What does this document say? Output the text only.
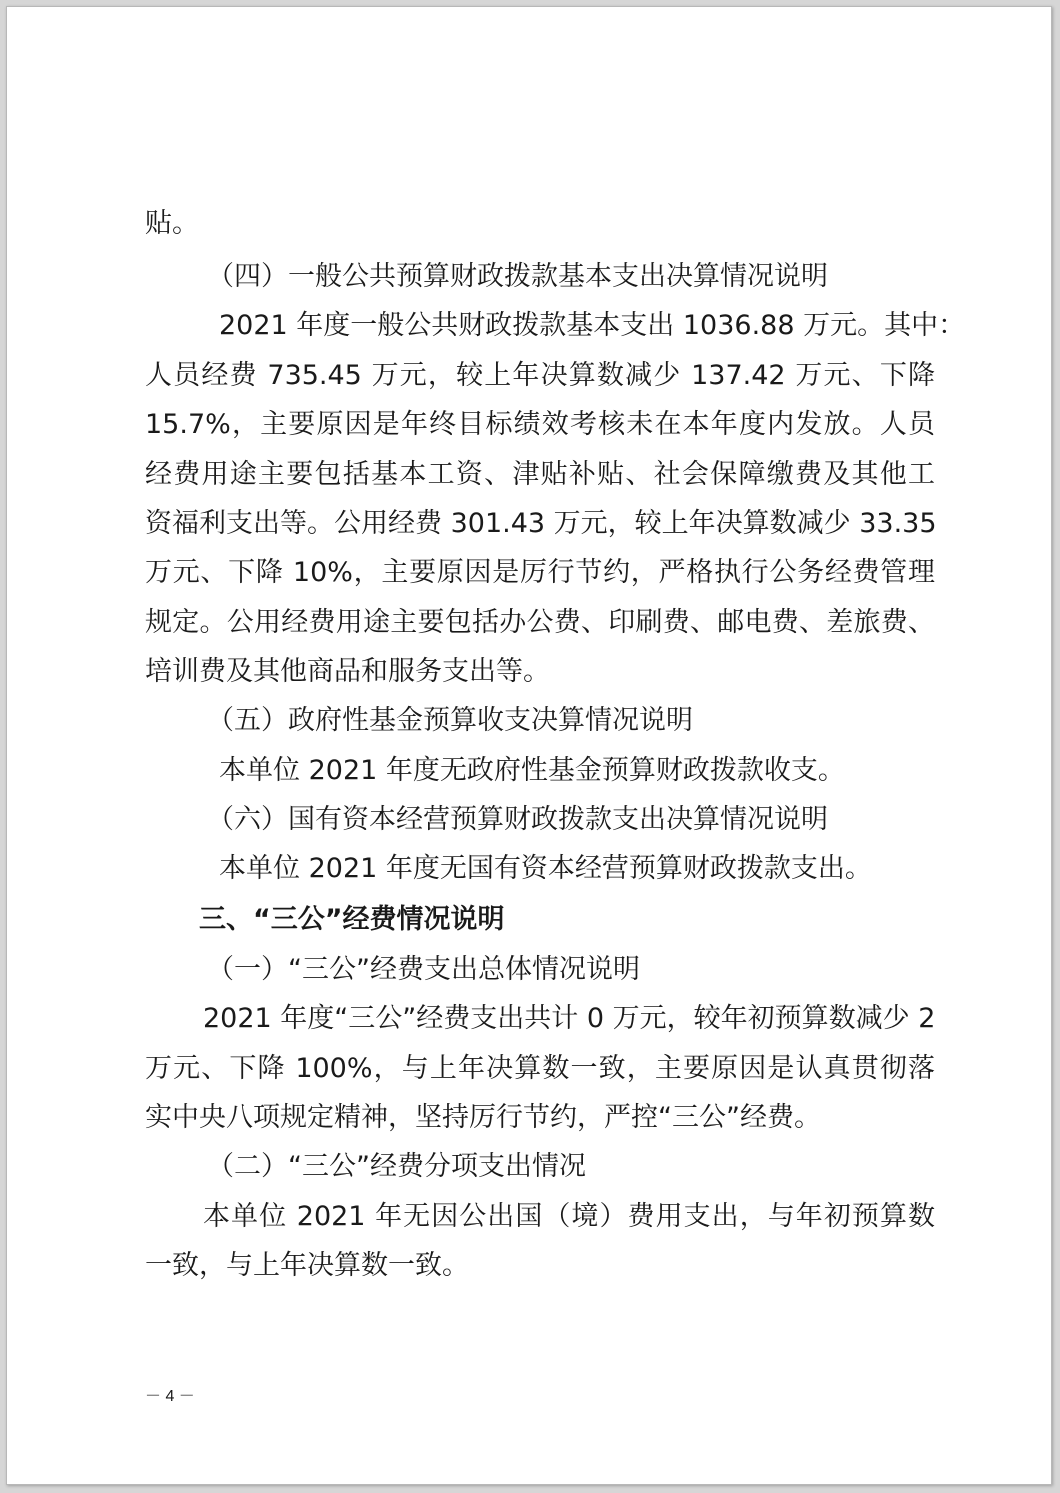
贴。
（四）一般公共预算财政拨款基本支出决算情况说明
2021 年度一般公共财政拨款基本支出 1036.88 万元。其中：
人员经费 735.45 万元，较上年决算数减少 137.42 万元、下降
15.7%，主要原因是年终目标绩效考核未在本年度内发放。人员
经费用途主要包括基本工资、津贴补贴、社会保障缴费及其他工
资福利支出等。公用经费 301.43 万元，较上年决算数减少 33.35
万元、下降 10%，主要原因是厉行节约，严格执行公务经费管理
规定。公用经费用途主要包括办公费、印刷费、邮电费、差旅费、
培训费及其他商品和服务支出等。
（五）政府性基金预算收支决算情况说明
本单位 2021 年度无政府性基金预算财政拨款收支。
（六）国有资本经营预算财政拨款支出决算情况说明
本单位 2021 年度无国有资本经营预算财政拨款支出。
三、“三公”经费情况说明
（一）“三公”经费支出总体情况说明
2021 年度“三公”经费支出共计 0 万元，较年初预算数减少 2
万元、下降 100%，与上年决算数一致，主要原因是认真贯彻落
实中央八项规定精神，坚持厉行节约，严控“三公”经费。
（二）“三公”经费分项支出情况
本单位 2021 年无因公出国（境）费用支出，与年初预算数
一致，与上年决算数一致。
－ 4 －
